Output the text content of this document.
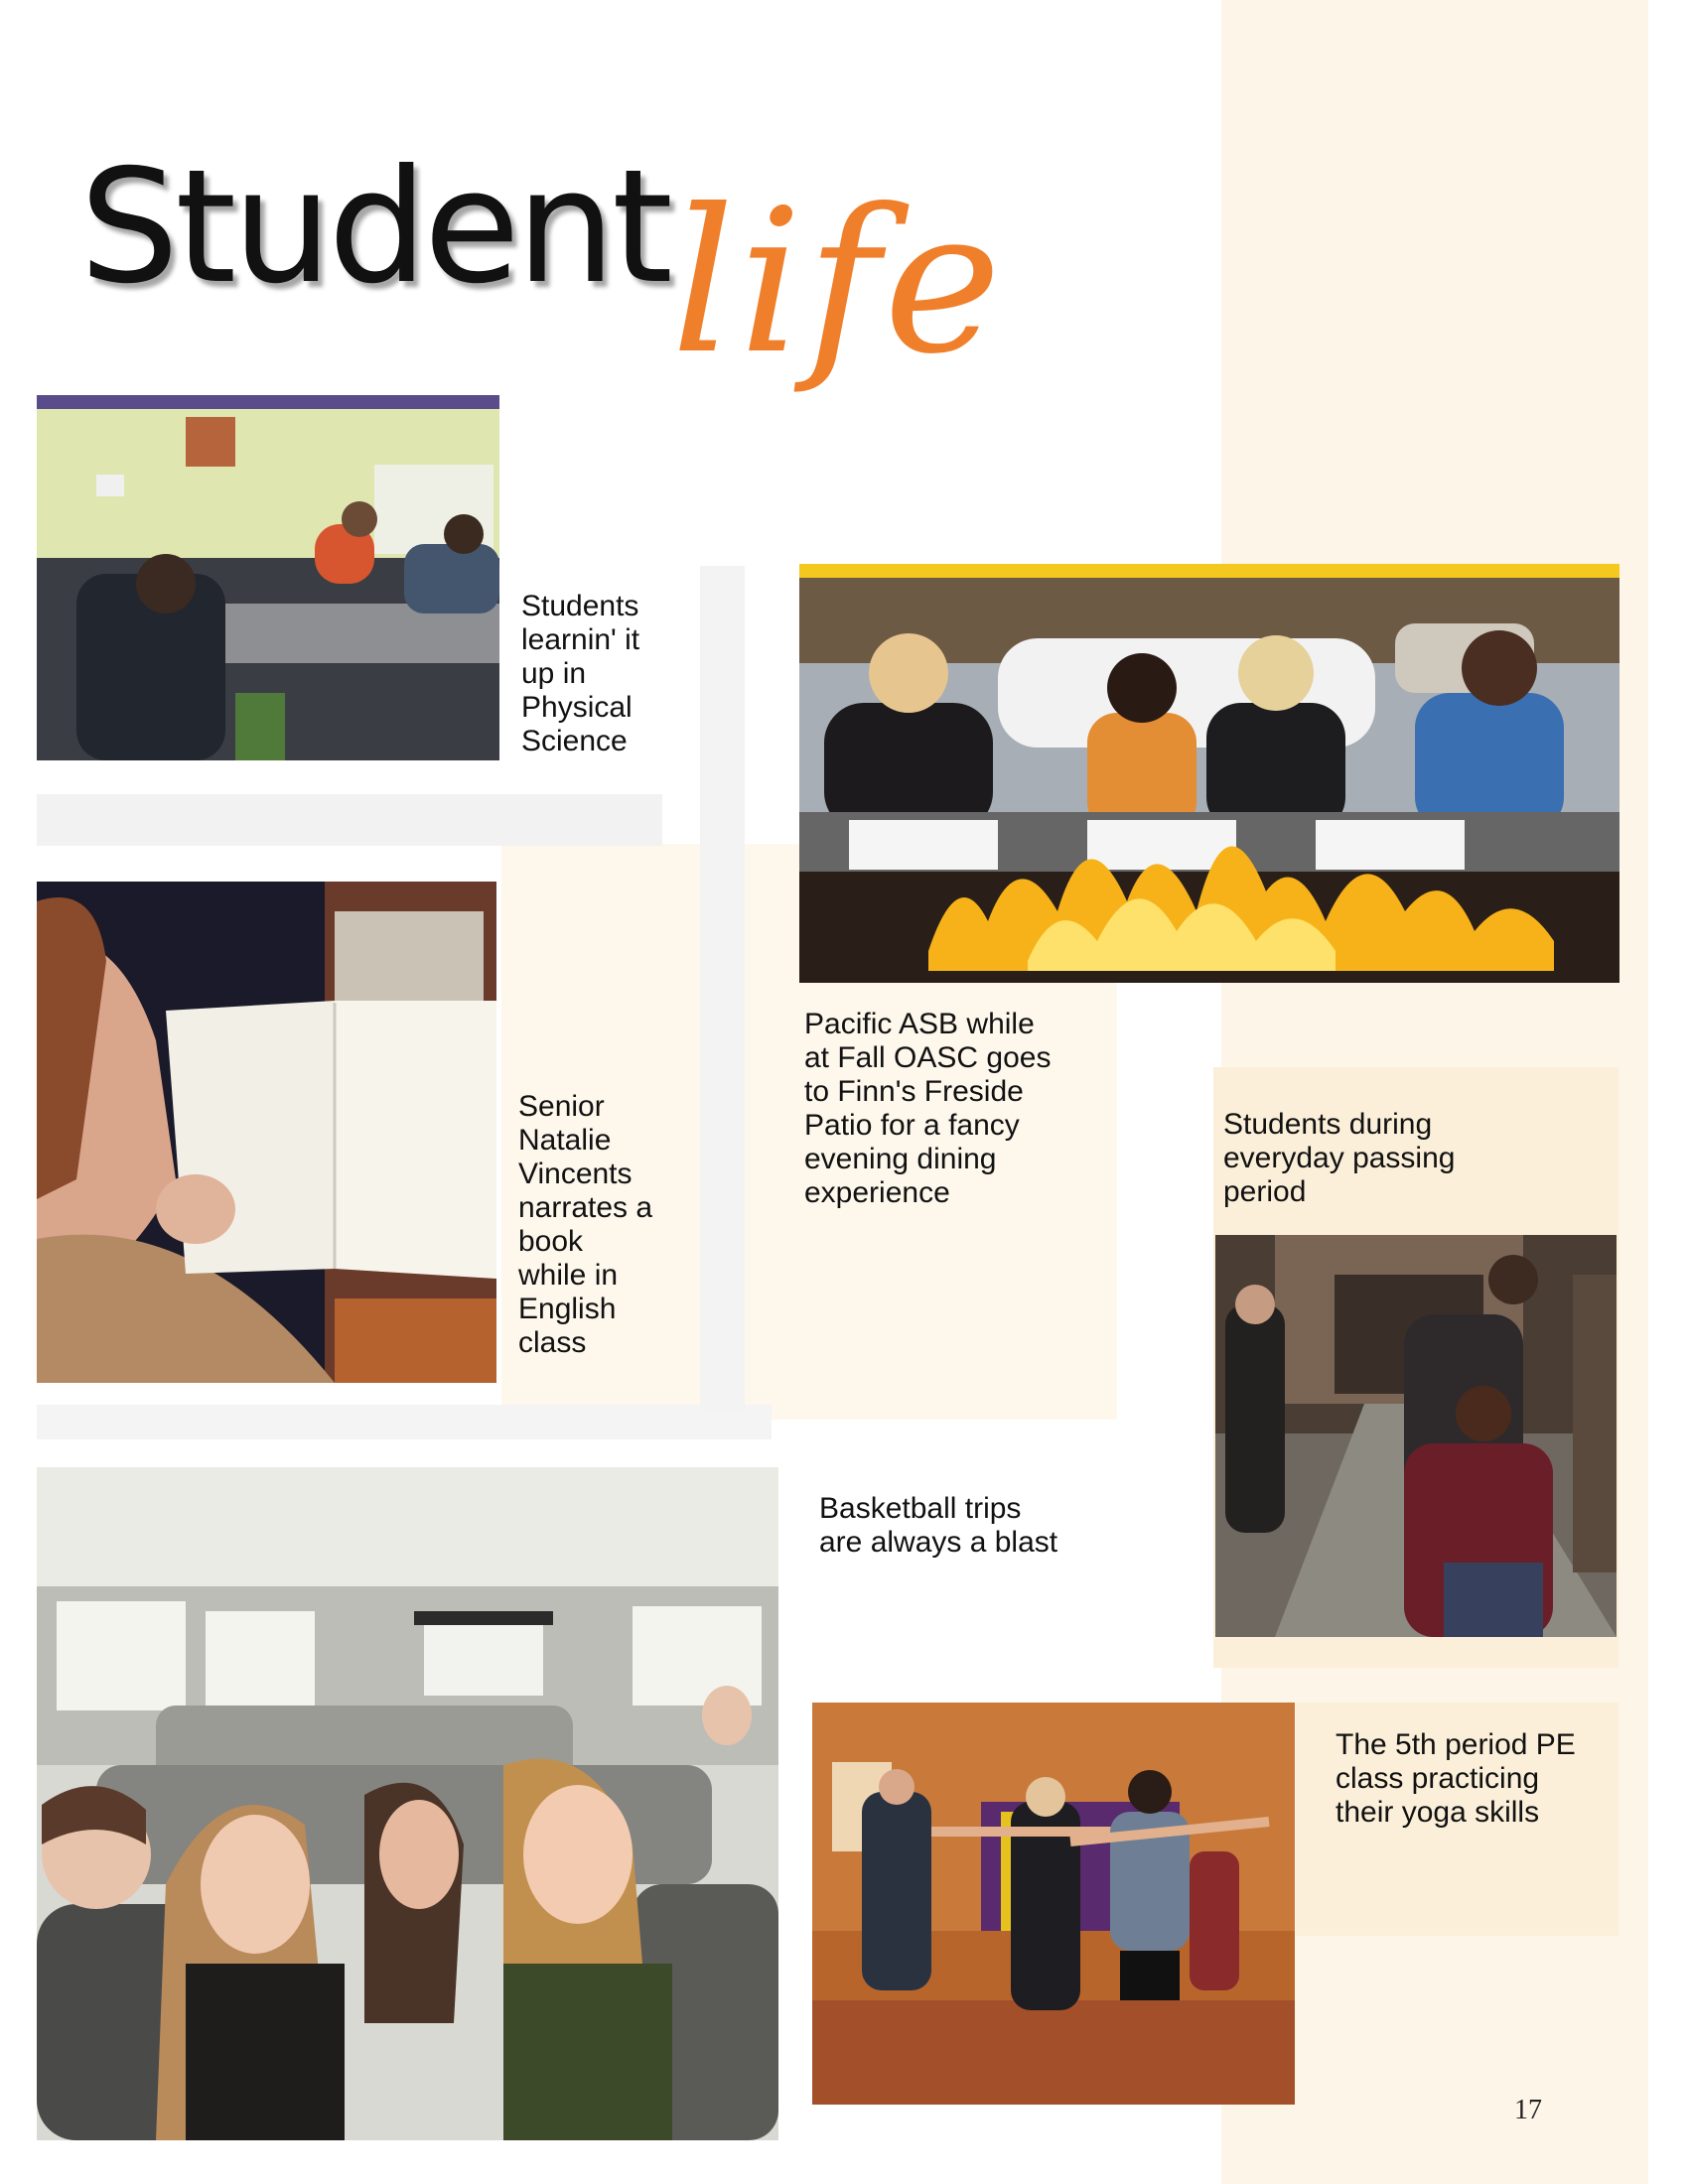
Student life
Students
learnin' it
up in
Physical
Science
Senior
Natalie
Vincents
narrates a
book
while in
English
class
Pacific ASB while
at Fall OASC goes
to Finn's Freside
Patio for a fancy
evening dining
experience
Students during
everyday passing
period
Basketball trips
are always a blast
The 5th period PE
class practicing
their yoga skills
17
